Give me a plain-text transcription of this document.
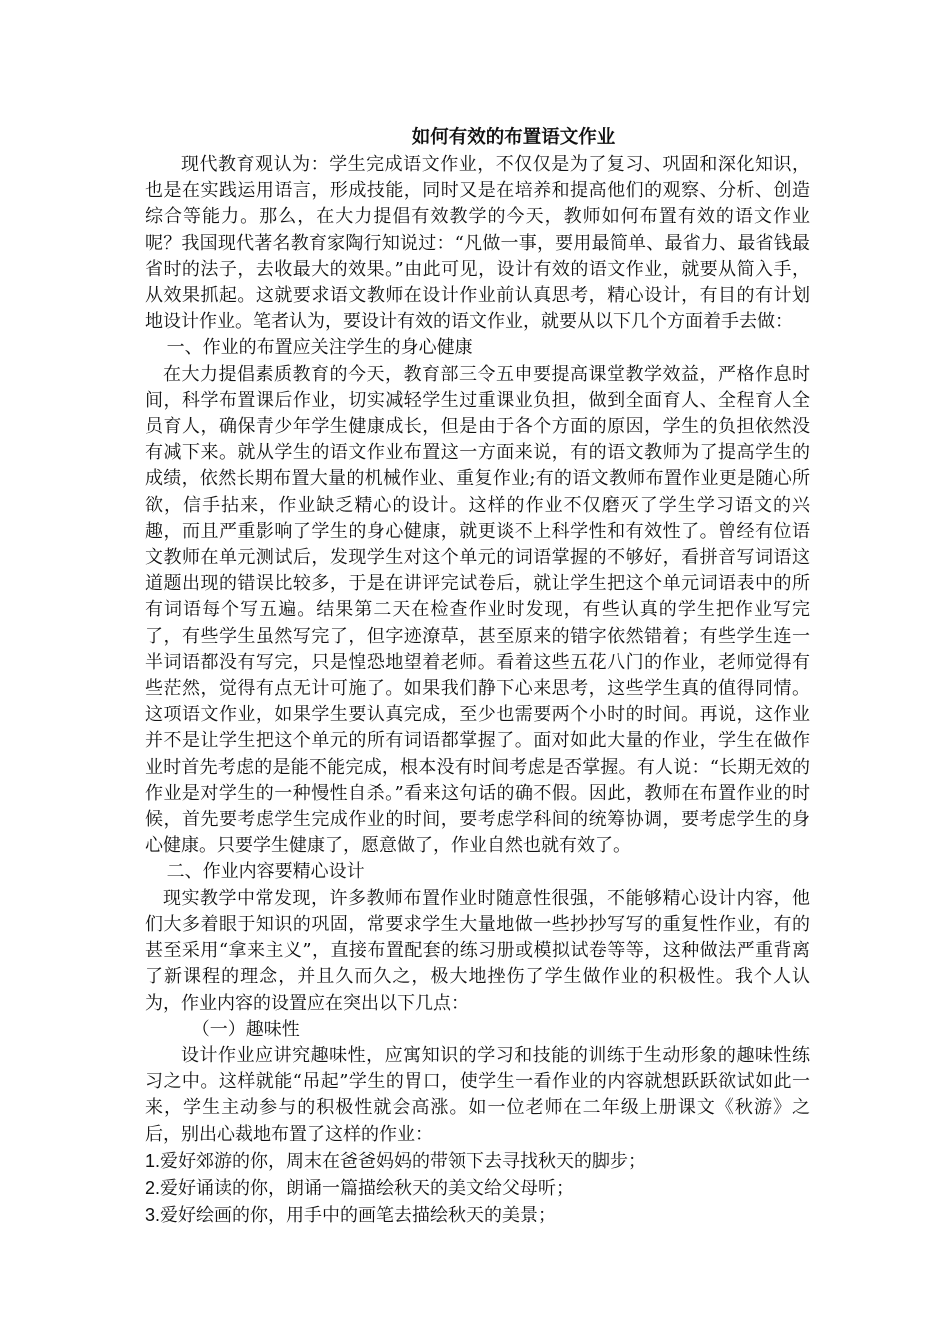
如何有效的布置语文作业

现代教育观认为：学生完成语文作业，不仅仅是为了复习、巩固和深化知识，也是在实践运用语言，形成技能，同时又是在培养和提高他们的观察、分析、创造综合等能力。那么，在大力提倡有效教学的今天，教师如何布置有效的语文作业呢？我国现代著名教育家陶行知说过：“凡做一事，要用最简单、最省力、最省钱最省时的法子，去收最大的效果。”由此可见，设计有效的语文作业，就要从简入手，从效果抓起。这就要求语文教师在设计作业前认真思考，精心设计，有目的有计划地设计作业。笔者认为，要设计有效的语文作业，就要从以下几个方面着手去做：

一、作业的布置应关注学生的身心健康

在大力提倡素质教育的今天，教育部三令五申要提高课堂教学效益，严格作息时间，科学布置课后作业，切实减轻学生过重课业负担，做到全面育人、全程育人全员育人，确保青少年学生健康成长，但是由于各个方面的原因，学生的负担依然没有减下来。就从学生的语文作业布置这一方面来说，有的语文教师为了提高学生的成绩，依然长期布置大量的机械作业、重复作业;有的语文教师布置作业更是随心所欲，信手拈来，作业缺乏精心的设计。这样的作业不仅磨灭了学生学习语文的兴趣，而且严重影响了学生的身心健康，就更谈不上科学性和有效性了。曾经有位语文教师在单元测试后，发现学生对这个单元的词语掌握的不够好，看拼音写词语这道题出现的错误比较多，于是在讲评完试卷后，就让学生把这个单元词语表中的所有词语每个写五遍。结果第二天在检查作业时发现，有些认真的学生把作业写完了，有些学生虽然写完了，但字迹潦草，甚至原来的错字依然错着；有些学生连一半词语都没有写完，只是惶恐地望着老师。看着这些五花八门的作业，老师觉得有些茫然，觉得有点无计可施了。如果我们静下心来思考，这些学生真的值得同情。这项语文作业，如果学生要认真完成，至少也需要两个小时的时间。再说，这作业并不是让学生把这个单元的所有词语都掌握了。面对如此大量的作业，学生在做作业时首先考虑的是能不能完成，根本没有时间考虑是否掌握。有人说：“长期无效的作业是对学生的一种慢性自杀。”看来这句话的确不假。因此，教师在布置作业的时候，首先要考虑学生完成作业的时间，要考虑学科间的统筹协调，要考虑学生的身心健康。只要学生健康了，愿意做了，作业自然也就有效了。

二、作业内容要精心设计

现实教学中常发现，许多教师布置作业时随意性很强，不能够精心设计内容，他们大多着眼于知识的巩固，常要求学生大量地做一些抄抄写写的重复性作业，有的甚至采用“拿来主义”，直接布置配套的练习册或模拟试卷等等，这种做法严重背离了新课程的理念，并且久而久之，极大地挫伤了学生做作业的积极性。我个人认为，作业内容的设置应在突出以下几点：

（一）趣味性

设计作业应讲究趣味性，应寓知识的学习和技能的训练于生动形象的趣味性练习之中。这样就能“吊起”学生的胃口，使学生一看作业的内容就想跃跃欲试如此一来，学生主动参与的积极性就会高涨。如一位老师在二年级上册课文《秋游》之后，别出心裁地布置了这样的作业：

1.爱好郊游的你，周末在爸爸妈妈的带领下去寻找秋天的脚步；

2.爱好诵读的你，朗诵一篇描绘秋天的美文给父母听；

3.爱好绘画的你，用手中的画笔去描绘秋天的美景；
